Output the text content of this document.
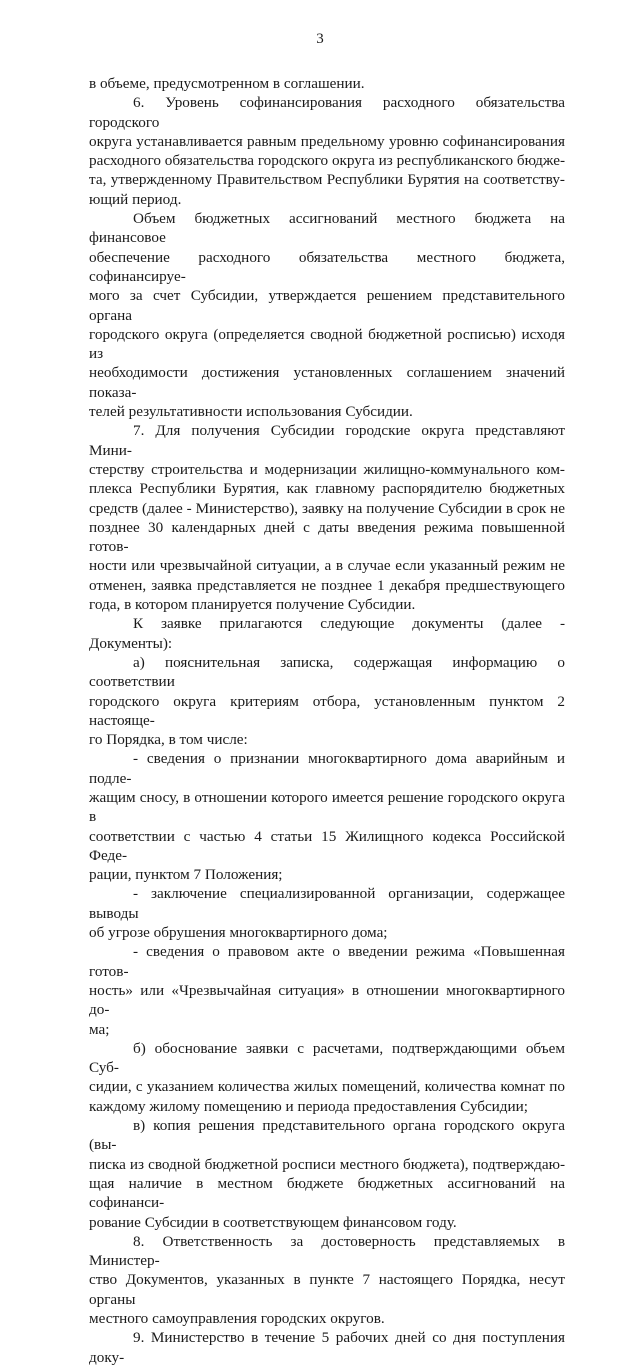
3

в объеме, предусмотренном в соглашении.

6. Уровень софинансирования расходного обязательства городского
округа устанавливается равным предельному уровню софинансирования
расходного обязательства городского округа из республиканского бюдже-
та, утвержденному Правительством Республики Бурятия на соответству-
ющий период.

Объем бюджетных ассигнований местного бюджета на финансовое
обеспечение расходного обязательства местного бюджета, софинансируе-
мого за счет Субсидии, утверждается решением представительного органа
городского округа (определяется сводной бюджетной росписью) исходя из
необходимости достижения установленных соглашением значений показа-
телей результативности использования Субсидии.

7. Для получения Субсидии городские округа представляют Мини-
стерству строительства и модернизации жилищно-коммунального ком-
плекса Республики Бурятия, как главному распорядителю бюджетных
средств (далее - Министерство), заявку на получение Субсидии в срок не
позднее 30 календарных дней с даты введения режима повышенной готов-
ности или чрезвычайной ситуации, а в случае если указанный режим не
отменен, заявка представляется не позднее 1 декабря предшествующего
года, в котором планируется получение Субсидии.

К заявке прилагаются следующие документы (далее - Документы):

а) пояснительная записка, содержащая информацию о соответствии
городского округа критериям отбора, установленным пунктом 2 настояще-
го Порядка, в том числе:

- сведения о признании многоквартирного дома аварийным и подле-
жащим сносу, в отношении которого имеется решение городского округа в
соответствии с частью 4 статьи 15 Жилищного кодекса Российской Феде-
рации, пунктом 7 Положения;

- заключение специализированной организации, содержащее выводы
об угрозе обрушения многоквартирного дома;

- сведения о правовом акте о введении режима «Повышенная готов-
ность» или «Чрезвычайная ситуация» в отношении многоквартирного до-
ма;

б) обоснование заявки с расчетами, подтверждающими объем Суб-
сидии, с указанием количества жилых помещений, количества комнат по
каждому жилому помещению и периода предоставления Субсидии;

в) копия решения представительного органа городского округа (вы-
писка из сводной бюджетной росписи местного бюджета), подтверждаю-
щая наличие в местном бюджете бюджетных ассигнований на софинанси-
рование Субсидии в соответствующем финансовом году.

8. Ответственность за достоверность представляемых в Министер-
ство Документов, указанных в пункте 7 настоящего Порядка, несут органы
местного самоуправления городских округов.

9. Министерство в течение 5 рабочих дней со дня поступления доку-
